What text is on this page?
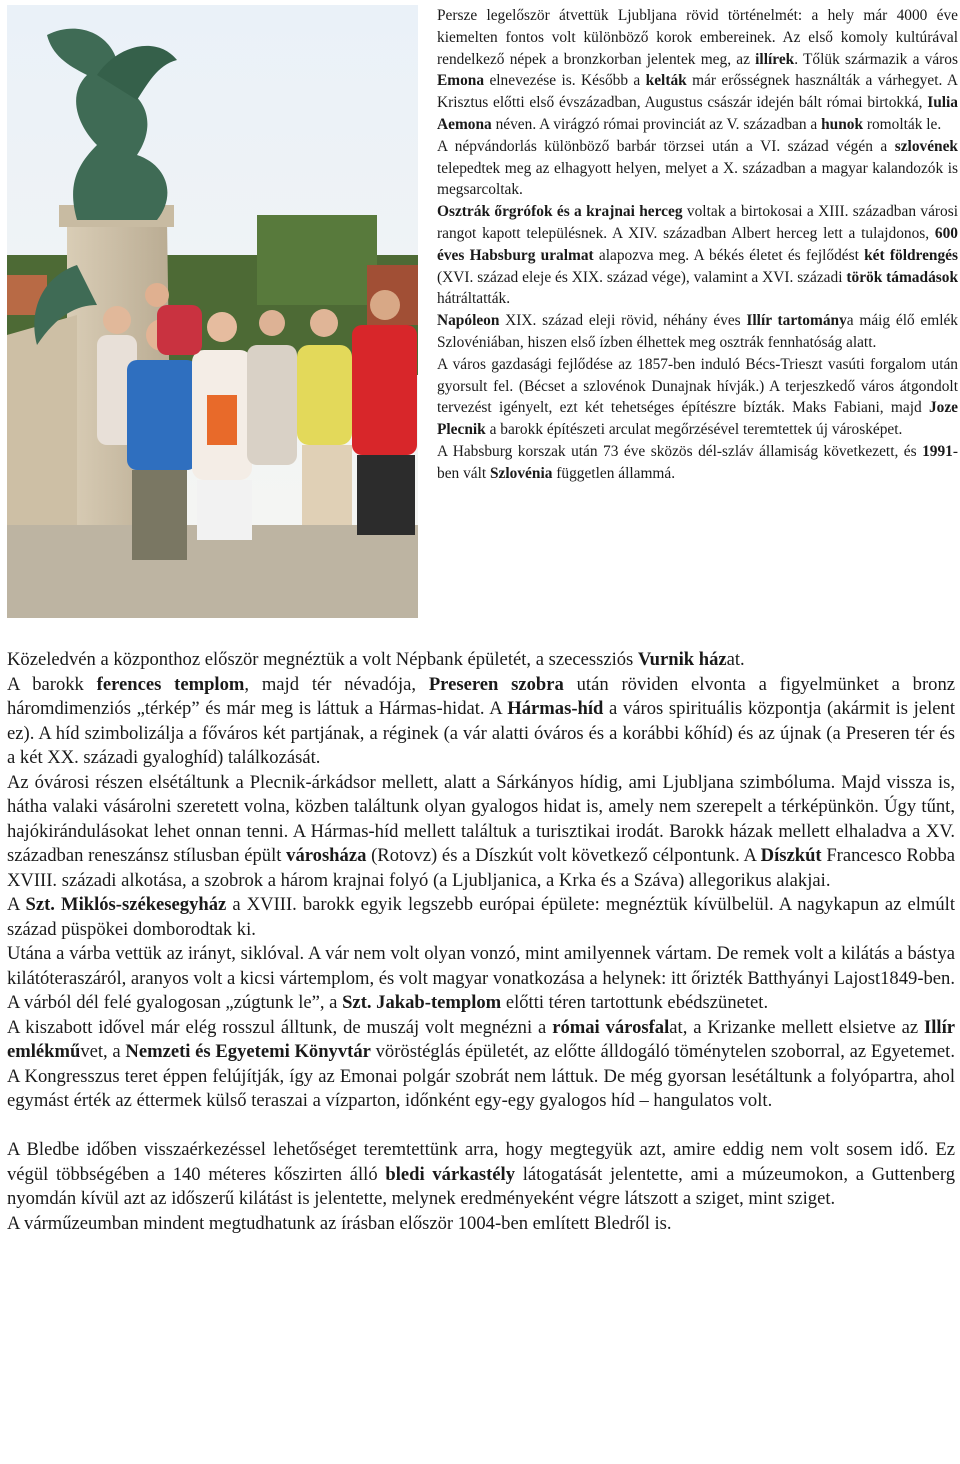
Persze legelőször átvettük Ljubljana rövid történelmét: a hely már 4000 éve kiemelten fontos volt különböző korok embereinek. Az első komoly kultúrával rendelkező népek a bronzkorban jelentek meg, az illírek. Tőlük származik a város Emona elnevezése is. Később a kelták már erősségnek használták a várhegyet. A Krisztus előtti első évszázadban, Augustus császár idején bált római birtokká, Iulia Aemona néven. A virágzó római provinciát az V. században a hunok romolták le.

A népvándorlás különböző barbár törzsei után a VI. század végén a szlovének telepedtek meg az elhagyott helyen, melyet a X. században a magyar kalandozók is megsarcoltak.

Osztrák őrgrófok és a krajnai herceg voltak a birtokosai a XIII. században városi rangot kapott településnek. A XIV. században Albert herceg lett a tulajdonos, 600 éves Habsburg uralmat alapozva meg. A békés életet és fejlődést két földrengés (XVI. század eleje és XIX. század vége), valamint a XVI. századi török támadások hátráltatták.

Napóleon XIX. század eleji rövid, néhány éves Illír tartománya máig élő emlék Szlovéniában, hiszen első ízben élhettek meg osztrák fennhatóság alatt.

A város gazdasági fejlődése az 1857-ben induló Bécs-Trieszt vasúti forgalom után gyorsult fel. (Bécset a szlovénok Dunajnak hívják.) A terjeszkedő város átgondolt tervezést igényelt, ezt két tehetséges építészre bízták. Maks Fabiani, majd Joze Plecnik a barokk építészeti arculat megőrzésével teremtettek új városképet.

A Habsburg korszak után 73 éve sközös dél-szláv államiság következett, és 1991-ben vált Szlovénia független állammá.

Közeledvén a központhoz először megnéztük a volt Népbank épületét, a szecessziós Vurnik házat.

A barokk ferences templom, majd tér névadója, Preseren szobra után röviden elvonta a figyelmünket a bronz háromdimenziós „térkép” és már meg is láttuk a Hármas-hidat. A Hármas-híd a város spirituális központja (akármit is jelent ez). A híd szimbolizálja a főváros két partjának, a réginek (a vár alatti óváros és a korábbi kőhíd) és az újnak (a Preseren tér és a két XX. századi gyaloghíd) találkozását.

Az óvárosi részen elsétáltunk a Plecnik-árkádsor mellett, alatt a Sárkányos hídig, ami Ljubljana szimbóluma. Majd vissza is, hátha valaki vásárolni szeretett volna, közben találtunk olyan gyalogos hidat is, amely nem szerepelt a térképünkön. Úgy tűnt, hajókirándulásokat lehet onnan tenni. A Hármas-híd mellett találtuk a turisztikai irodát. Barokk házak mellett elhaladva a XV. században reneszánsz stílusban épült városháza (Rotovz) és a Díszkút volt következő célpontunk. A Díszkút Francesco Robba XVIII. századi alkotása, a szobrok a három krajnai folyó (a Ljubljanica, a Krka és a Száva) allegorikus alakjai.

A Szt. Miklós-székesegyház a XVIII. barokk egyik legszebb európai épülete: megnéztük kívülbelül. A nagykapun az elmúlt század püspökei domborodtak ki.

Utána a várba vettük az irányt, siklóval. A vár nem volt olyan vonzó, mint amilyennek vártam. De remek volt a kilátás a bástya kilátóteraszáról, aranyos volt a kicsi vártemplom, és volt magyar vonatkozása a helynek: itt őrizték Batthyányi Lajost1849-ben. A várból dél felé gyalogosan „zúgtunk le”, a Szt. Jakab-templom előtti téren tartottunk ebédszünetet.

A kiszabott idővel már elég rosszul álltunk, de muszáj volt megnézni a római városfalat, a Krizanke mellett elsietve az Illír emlékművet, a Nemzeti és Egyetemi Könyvtár vöröstéglás épületét, az előtte álldogáló töménytelen szoborral, az Egyetemet. A Kongresszus teret éppen felújítják, így az Emonai polgár szobrát nem láttuk. De még gyorsan lesétáltunk a folyópartra, ahol egymást érték az éttermek külső teraszai a vízparton, időnként egy-egy gyalogos híd – hangulatos volt.

A Bledbe időben visszaérkezéssel lehetőséget teremtettünk arra, hogy megtegyük azt, amire eddig nem volt sosem idő. Ez végül többségében a 140 méteres kőszirten álló bledi várkastély látogatását jelentette, ami a múzeumokon, a Guttenberg nyomdán kívül azt az időszerű kilátást is jelentette, melynek eredményeként végre látszott a sziget, mint sziget.

A várműzeumban mindent megtudhatunk az írásban először 1004-ben említett Bledről is.
